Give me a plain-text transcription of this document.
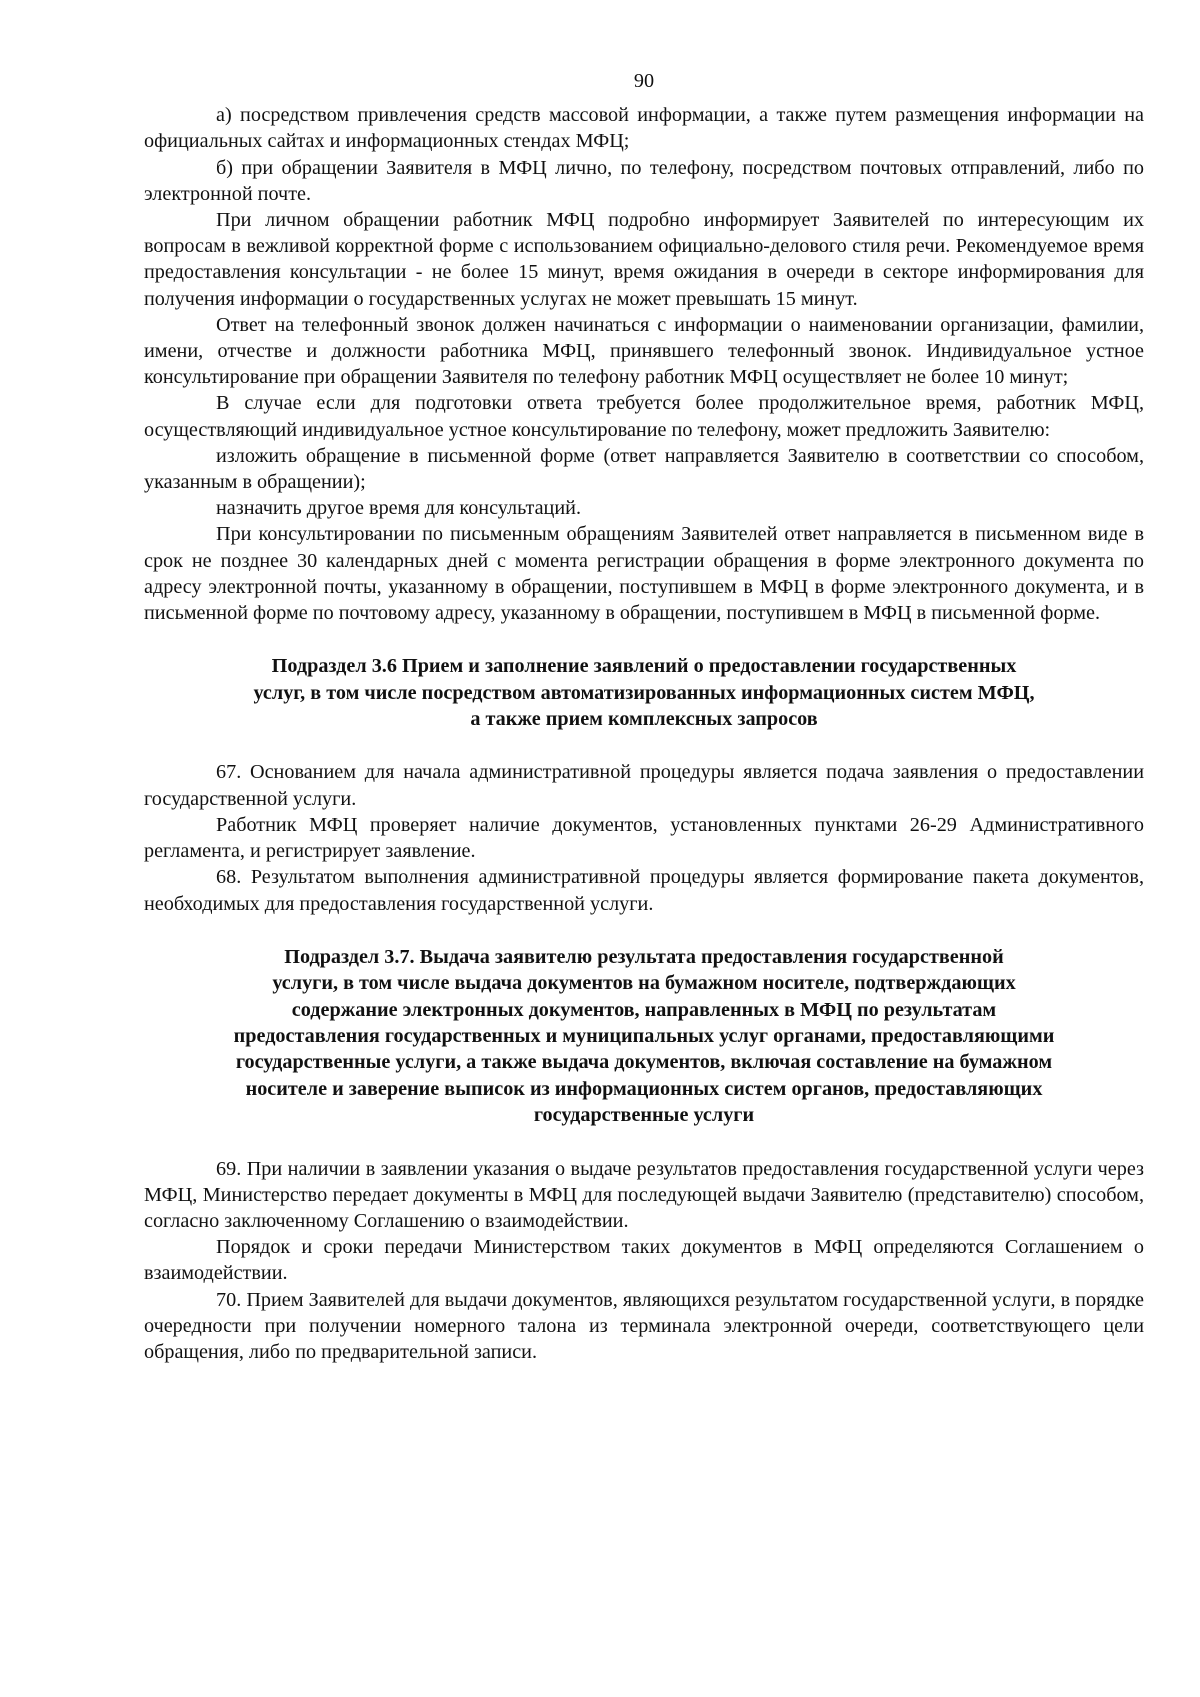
90

а) посредством привлечения средств массовой информации, а также путем размещения информации на официальных сайтах и информационных стендах МФЦ;

б) при обращении Заявителя в МФЦ лично, по телефону, посредством почтовых отправлений, либо по электронной почте.

При личном обращении работник МФЦ подробно информирует Заявителей по интересующим их вопросам в вежливой корректной форме с использованием официально-делового стиля речи. Рекомендуемое время предоставления консультации - не более 15 минут, время ожидания в очереди в секторе информирования для получения информации о государственных услугах не может превышать 15 минут.

Ответ на телефонный звонок должен начинаться с информации о наименовании организации, фамилии, имени, отчестве и должности работника МФЦ, принявшего телефонный звонок. Индивидуальное устное консультирование при обращении Заявителя по телефону работник МФЦ осуществляет не более 10 минут;

В случае если для подготовки ответа требуется более продолжительное время, работник МФЦ, осуществляющий индивидуальное устное консультирование по телефону, может предложить Заявителю:

изложить обращение в письменной форме (ответ направляется Заявителю в соответствии со способом, указанным в обращении);

назначить другое время для консультаций.

При консультировании по письменным обращениям Заявителей ответ направляется в письменном виде в срок не позднее 30 календарных дней с момента регистрации обращения в форме электронного документа по адресу электронной почты, указанному в обращении, поступившем в МФЦ в форме электронного документа, и в письменной форме по почтовому адресу, указанному в обращении, поступившем в МФЦ в письменной форме.

Подраздел 3.6 Прием и заполнение заявлений о предоставлении государственных
услуг, в том числе посредством автоматизированных информационных систем МФЦ,
а также прием комплексных запросов

67. Основанием для начала административной процедуры является подача заявления о предоставлении государственной услуги.

Работник МФЦ проверяет наличие документов, установленных пунктами 26-29 Административного регламента, и регистрирует заявление.

68. Результатом выполнения административной процедуры является формирование пакета документов, необходимых для предоставления государственной услуги.

Подраздел 3.7. Выдача заявителю результата предоставления государственной
услуги, в том числе выдача документов на бумажном носителе, подтверждающих
содержание электронных документов, направленных в МФЦ по результатам
предоставления государственных и муниципальных услуг органами, предоставляющими
государственные услуги, а также выдача документов, включая составление на бумажном
носителе и заверение выписок из информационных систем органов, предоставляющих
государственные услуги

69. При наличии в заявлении указания о выдаче результатов предоставления государственной услуги через МФЦ, Министерство передает документы в МФЦ для последующей выдачи Заявителю (представителю) способом, согласно заключенному Соглашению о взаимодействии.

Порядок и сроки передачи Министерством таких документов в МФЦ определяются Соглашением о взаимодействии.

70. Прием Заявителей для выдачи документов, являющихся результатом государственной услуги, в порядке очередности при получении номерного талона из терминала электронной очереди, соответствующего цели обращения, либо по предварительной записи.
